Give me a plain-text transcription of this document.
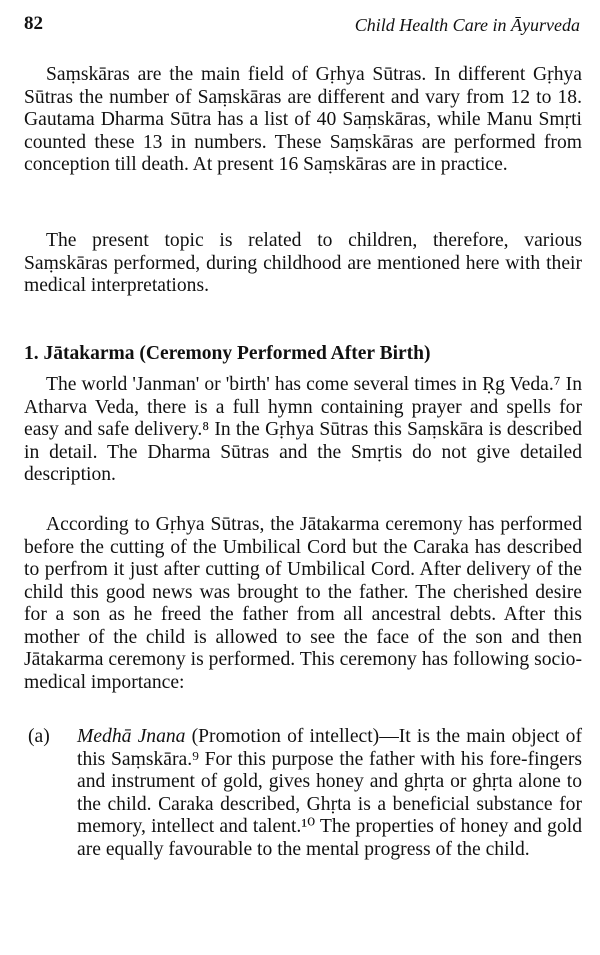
82	Child Health Care in Āyurveda

Saṃskāras are the main field of Gṛhya Sūtras. In different Gṛhya Sūtras the number of Saṃskāras are different and vary from 12 to 18. Gautama Dharma Sūtra has a list of 40 Saṃskāras, while Manu Smṛti counted these 13 in numbers. These Saṃskāras are performed from conception till death. At present 16 Saṃskāras are in practice.

The present topic is related to children, therefore, various Saṃskāras performed, during childhood are mentioned here with their medical interpretations.

1. Jātakarma (Ceremony Performed After Birth)

The world 'Janman' or 'birth' has come several times in Ṛg Veda.⁷ In Atharva Veda, there is a full hymn containing prayer and spells for easy and safe delivery.⁸ In the Gṛhya Sūtras this Saṃskāra is described in detail. The Dharma Sūtras and the Smṛtis do not give detailed description.

According to Gṛhya Sūtras, the Jātakarma ceremony has performed before the cutting of the Umbilical Cord but the Caraka has described to perfrom it just after cutting of Umbilical Cord. After delivery of the child this good news was brought to the father. The cherished desire for a son as he freed the father from all ancestral debts. After this mother of the child is allowed to see the face of the son and then Jātakarma ceremony is performed. This ceremony has following socio-medical importance:

(a) Medhā Jnana (Promotion of intellect)—It is the main object of this Saṃskāra.⁹ For this purpose the father with his fore-fingers and instrument of gold, gives honey and ghṛta or ghṛta alone to the child. Caraka described, Ghṛta is a beneficial substance for memory, intellect and talent.¹⁰ The properties of honey and gold are equally favourable to the mental progress of the child.
